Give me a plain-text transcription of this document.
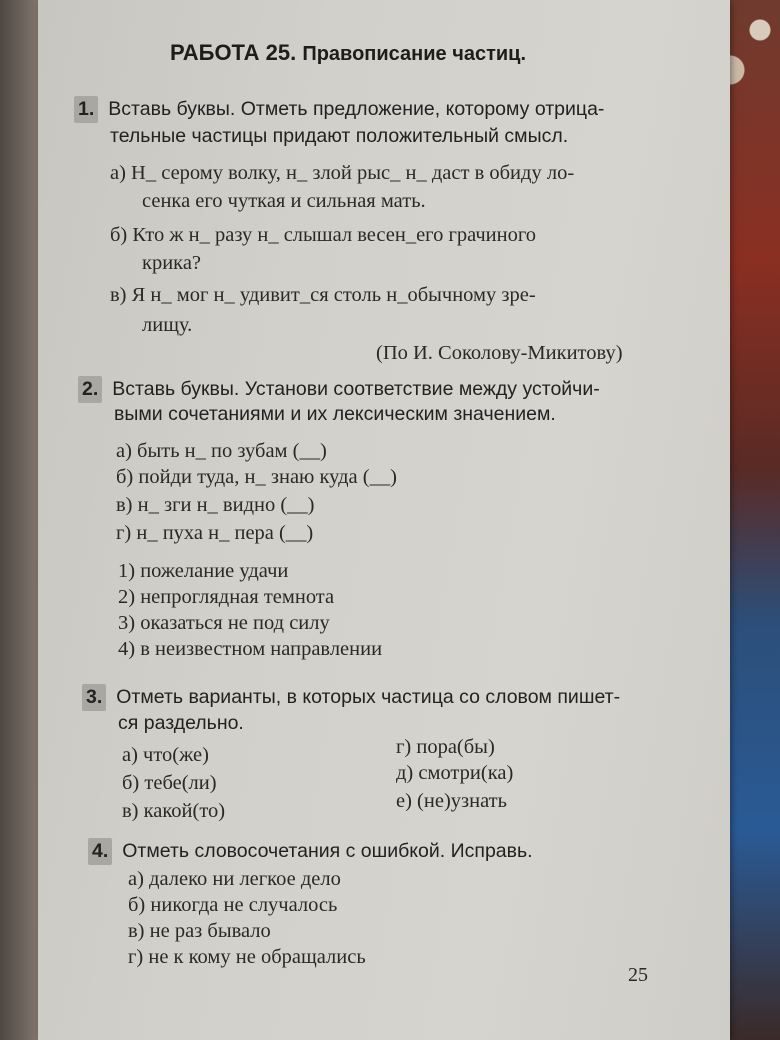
РАБОТА 25. Правописание частиц.
1. Вставь буквы. Отметь предложение, которому отрица-
тельные частицы придают положительный смысл.
а) Н_ серому волку, н_ злой рыс_ н_ даст в обиду ло-
сенка его чуткая и сильная мать.
б) Кто ж н_ разу н_ слышал весен_его грачиного
крика?
в) Я н_ мог н_ удивит_ся столь н_обычному зре-
лищу.
(По И. Соколову-Микитову)
2. Вставь буквы. Установи соответствие между устойчи-
выми сочетаниями и их лексическим значением.
а) быть н_ по зубам (__)
б) пойди туда, н_ знаю куда (__)
в) н_ зги н_ видно (__)
г) н_ пуха н_ пера (__)
1) пожелание удачи
2) непроглядная темнота
3) оказаться не под силу
4) в неизвестном направлении
3. Отметь варианты, в которых частица со словом пишет-
ся раздельно.
а) что(же)
б) тебе(ли)
в) какой(то)
г) пора(бы)
д) смотри(ка)
е) (не)узнать
4. Отметь словосочетания с ошибкой. Исправь.
а) далеко ни легкое дело
б) никогда не случалось
в) не раз бывало
г) не к кому не обращались
25
